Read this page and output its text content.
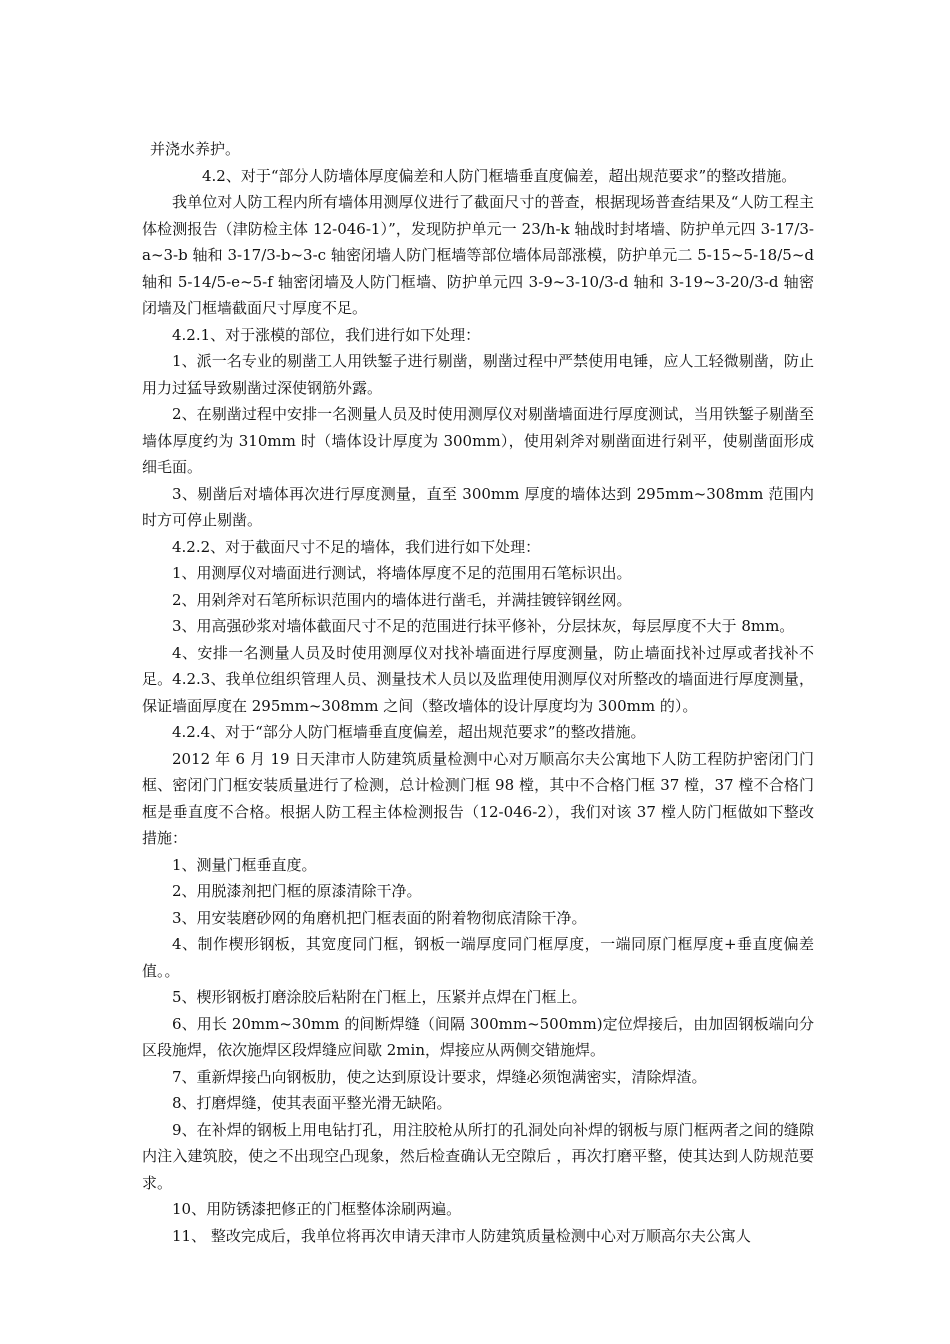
并浇水养护。

4.2、对于“部分人防墙体厚度偏差和人防门框墙垂直度偏差，超出规范要求”的整改措施。

我单位对人防工程内所有墙体用测厚仪进行了截面尺寸的普查，根据现场普查结果及“人防工程主体检测报告（津防检主体 12-046-1）”，发现防护单元一 23/h-k 轴战时封堵墙、防护单元四 3-17/3-a~3-b 轴和 3-17/3-b~3-c 轴密闭墙人防门框墙等部位墙体局部涨模，防护单元二 5-15~5-18/5~d 轴和 5-14/5-e~5-f 轴密闭墙及人防门框墙、防护单元四 3-9~3-10/3-d 轴和 3-19~3-20/3-d 轴密闭墙及门框墙截面尺寸厚度不足。

4.2.1、对于涨模的部位，我们进行如下处理：

1、派一名专业的剔凿工人用铁錾子进行剔凿，剔凿过程中严禁使用电锤，应人工轻微剔凿，防止用力过猛导致剔凿过深使钢筋外露。

2、在剔凿过程中安排一名测量人员及时使用测厚仪对剔凿墙面进行厚度测试，当用铁錾子剔凿至墙体厚度约为 310mm 时（墙体设计厚度为 300mm），使用剁斧对剔凿面进行剁平，使剔凿面形成细毛面。

3、剔凿后对墙体再次进行厚度测量，直至 300mm 厚度的墙体达到 295mm~308mm 范围内时方可停止剔凿。

4.2.2、对于截面尺寸不足的墙体，我们进行如下处理：

1、用测厚仪对墙面进行测试，将墙体厚度不足的范围用石笔标识出。

2、用剁斧对石笔所标识范围内的墙体进行凿毛，并满挂镀锌钢丝网。

3、用高强砂浆对墙体截面尺寸不足的范围进行抹平修补，分层抹灰，每层厚度不大于 8mm。

4、安排一名测量人员及时使用测厚仪对找补墙面进行厚度测量，防止墙面找补过厚或者找补不足。4.2.3、我单位组织管理人员、测量技术人员以及监理使用测厚仪对所整改的墙面进行厚度测量，保证墙面厚度在 295mm~308mm 之间（整改墙体的设计厚度均为 300mm 的）。

4.2.4、对于“部分人防门框墙垂直度偏差，超出规范要求”的整改措施。

2012 年 6 月 19 日天津市人防建筑质量检测中心对万顺高尔夫公寓地下人防工程防护密闭门门框、密闭门门框安装质量进行了检测，总计检测门框 98 樘，其中不合格门框 37 樘，37 樘不合格门框是垂直度不合格。根据人防工程主体检测报告（12-046-2），我们对该 37 樘人防门框做如下整改措施：

1、测量门框垂直度。

2、用脱漆剂把门框的原漆清除干净。

3、用安装磨砂网的角磨机把门框表面的附着物彻底清除干净。

4、制作楔形钢板，其宽度同门框，钢板一端厚度同门框厚度，一端同原门框厚度+垂直度偏差值。。

5、楔形钢板打磨涂胶后粘附在门框上，压紧并点焊在门框上。

6、用长 20mm~30mm 的间断焊缝（间隔 300mm~500mm)定位焊接后，由加固钢板端向分区段施焊，依次施焊区段焊缝应间歇 2min，焊接应从两侧交错施焊。

7、重新焊接凸向钢板肋，使之达到原设计要求，焊缝必须饱满密实，清除焊渣。

8、打磨焊缝，使其表面平整光滑无缺陷。

9、在补焊的钢板上用电钻打孔，用注胶枪从所打的孔洞处向补焊的钢板与原门框两者之间的缝隙内注入建筑胶，使之不出现空凸现象，然后检查确认无空隙后 ，再次打磨平整，使其达到人防规范要求。

10、用防锈漆把修正的门框整体涂刷两遍。

11、 整改完成后，我单位将再次申请天津市人防建筑质量检测中心对万顺高尔夫公寓人
